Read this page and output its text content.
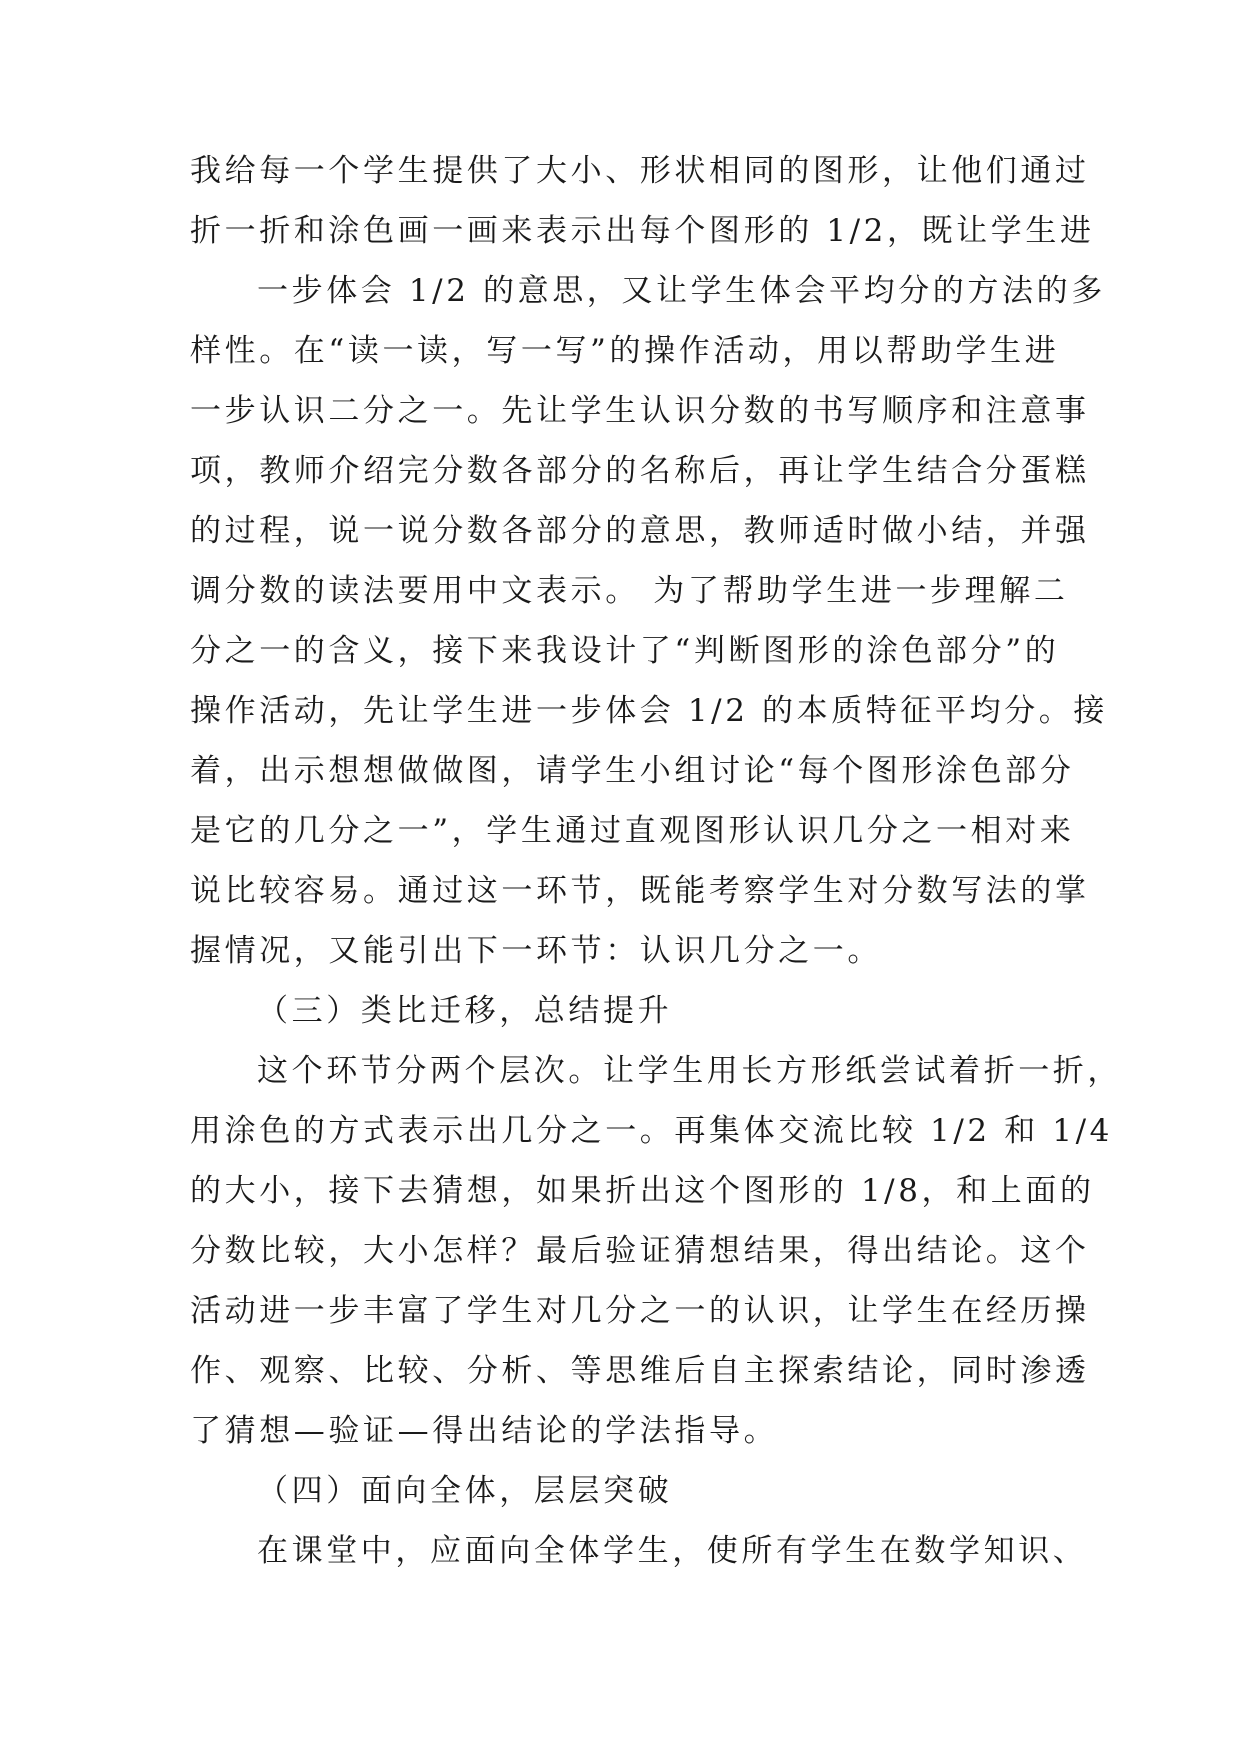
我给每一个学生提供了大小、形状相同的图形，让他们通过
折一折和涂色画一画来表示出每个图形的 1/2，既让学生进
一步体会 1/2 的意思，又让学生体会平均分的方法的多
样性。在“读一读，写一写”的操作活动，用以帮助学生进
一步认识二分之一。先让学生认识分数的书写顺序和注意事
项，教师介绍完分数各部分的名称后，再让学生结合分蛋糕
的过程，说一说分数各部分的意思，教师适时做小结，并强
调分数的读法要用中文表示。 为了帮助学生进一步理解二
分之一的含义，接下来我设计了“判断图形的涂色部分”的
操作活动，先让学生进一步体会 1/2 的本质特征平均分。接
着，出示想想做做图，请学生小组讨论“每个图形涂色部分
是它的几分之一”，学生通过直观图形认识几分之一相对来
说比较容易。通过这一环节，既能考察学生对分数写法的掌
握情况，又能引出下一环节：认识几分之一。
（三）类比迁移，总结提升
这个环节分两个层次。让学生用长方形纸尝试着折一折，
用涂色的方式表示出几分之一。再集体交流比较 1/2 和 1/4
的大小，接下去猜想，如果折出这个图形的 1/8，和上面的
分数比较，大小怎样？最后验证猜想结果，得出结论。这个
活动进一步丰富了学生对几分之一的认识，让学生在经历操
作、观察、比较、分析、等思维后自主探索结论，同时渗透
了猜想—验证—得出结论的学法指导。
（四）面向全体，层层突破
在课堂中，应面向全体学生，使所有学生在数学知识、
